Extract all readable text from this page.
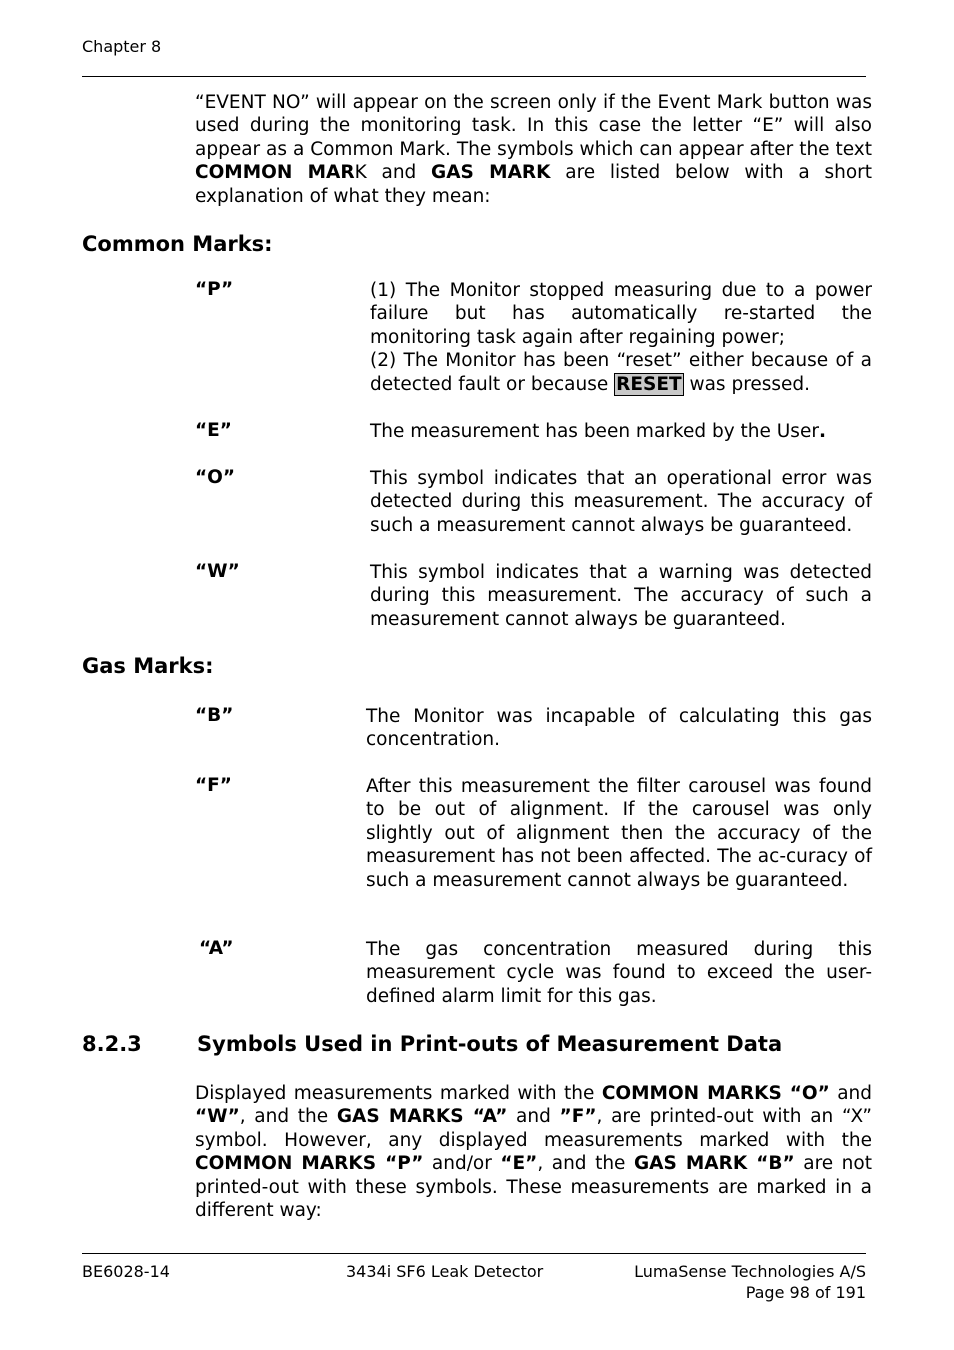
Chapter 8
“EVENT NO” will appear on the screen only if the Event Mark button was used during the monitoring task. In this case the letter “E” will also appear as a Common Mark. The symbols which can appear after the text COMMON MARK and GAS MARK are listed below with a short explanation of what they mean:
Common Marks:
“P”	(1) The Monitor stopped measuring due to a power failure but has automatically re-started the monitoring task again after regaining power;
(2) The Monitor has been “reset” either because of a detected fault or because RESET was pressed.
“E”	The measurement has been marked by the User.
“O”	This symbol indicates that an operational error was detected during this measurement. The accuracy of such a measurement cannot always be guaranteed.
“W”	This symbol indicates that a warning was detected during this measurement. The accuracy of such a measurement cannot always be guaranteed.
Gas Marks:
“B”	The Monitor was incapable of calculating this gas concentration.
“F”	After this measurement the filter carousel was found to be out of alignment. If the carousel was only slightly out of alignment then the accuracy of the measurement has not been affected. The ac-curacy of such a measurement cannot always be guaranteed.
“A”	The gas concentration measured during this measurement cycle was found to exceed the user-defined alarm limit for this gas.
8.2.3	Symbols Used in Print-outs of Measurement Data
Displayed measurements marked with the COMMON MARKS “O” and “W”, and the GAS MARKS “A” and ”F”, are printed-out with an “X” symbol. However, any displayed measurements marked with the COMMON MARKS “P” and/or “E”, and the GAS MARK “B” are not printed-out with these symbols. These measurements are marked in a different way:
BE6028-14	3434i SF6 Leak Detector	LumaSense Technologies A/S
Page 98 of 191
